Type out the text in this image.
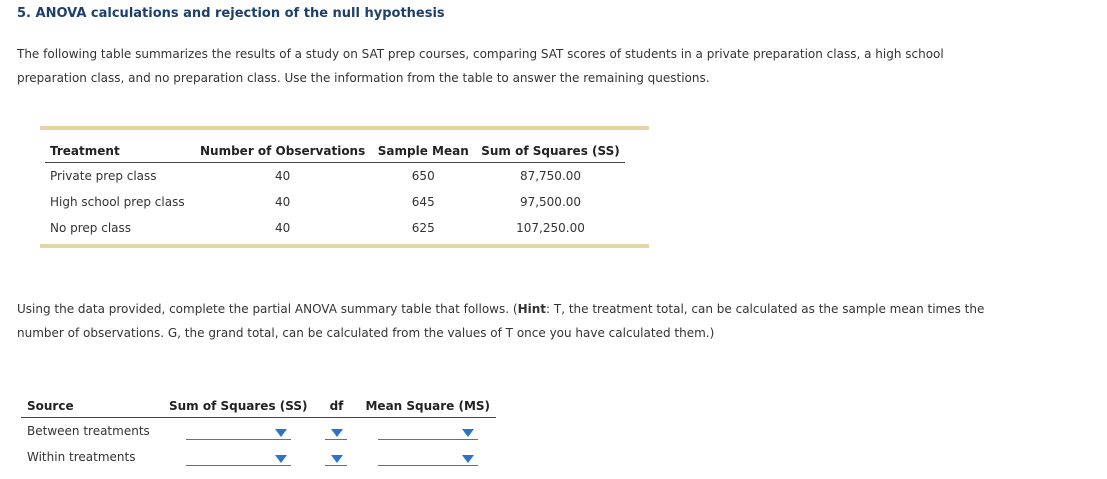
5. ANOVA calculations and rejection of the null hypothesis
The following table summarizes the results of a study on SAT prep courses, comparing SAT scores of students in a private preparation class, a high school preparation class, and no preparation class. Use the information from the table to answer the remaining questions.
Treatment	Number of Observations	Sample Mean	Sum of Squares (SS)
Private prep class	40	650	87,750.00
High school prep class	40	645	97,500.00
No prep class	40	625	107,250.00
Using the data provided, complete the partial ANOVA summary table that follows. (Hint: T, the treatment total, can be calculated as the sample mean times the number of observations. G, the grand total, can be calculated from the values of T once you have calculated them.)
Source	Sum of Squares (SS)	df	Mean Square (MS)
Between treatments	

Within treatments	
